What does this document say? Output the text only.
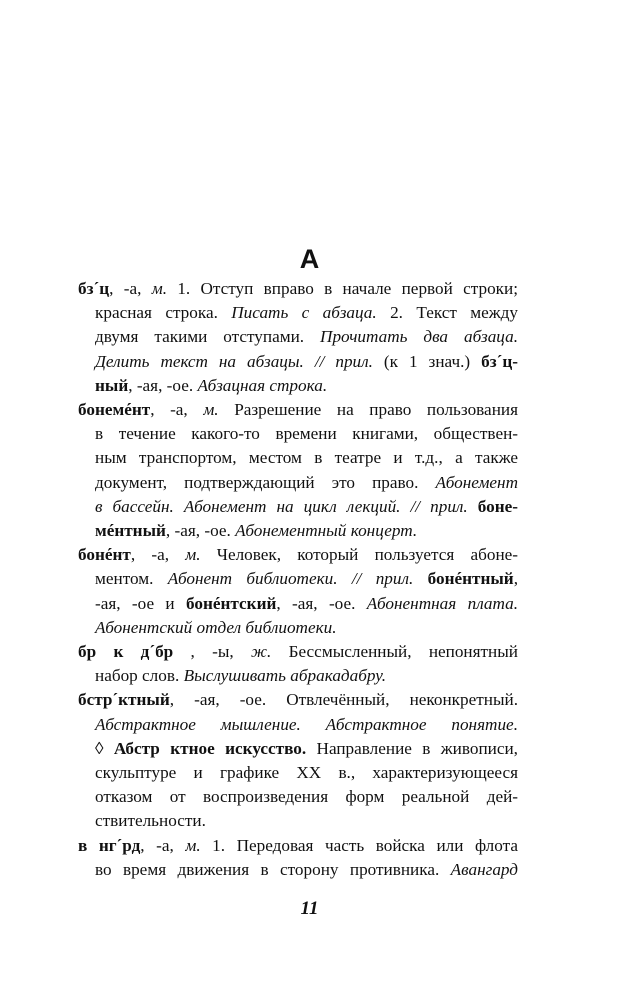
А
бз´ц, -а, м. 1. Отступ вправо в начале первой строки;
красная строка. Писать с абзаца. 2. Текст между
двумя такими отступами. Прочитать два абзаца.
Делить текст на абзацы. // прил. (к 1 знач.) бз´ц-
ный, -ая, -ое. Абзацная строка.
бонемéнт, -а, м. Разрешение на право пользования
в течение какого-то времени книгами, обществен-
ным транспортом, местом в театре и т.д., а также
документ, подтверждающий это право. Абонемент
в бассейн. Абонемент на цикл лекций. // прил. боне-
мéнтный, -ая, -ое. Абонементный концерт.
бонéнт, -а, м. Человек, который пользуется абоне-
ментом. Абонент библиотеки. // прил. бонéнтный,
-ая, -ое и бонéнтский, -ая, -ое. Абонентная плата.
Абонентский отдел библиотеки.
бр к д´бр , -ы, ж. Бессмысленный, непонятный
набор слов. Выслушивать абракадабру.
бстр´ктный, -ая, -ое. Отвлечённый, неконкретный.
Абстрактное мышление. Абстрактное понятие.
◊ Абстр ктное искусство. Направление в живописи,
скульптуре и графике XX в., характеризующееся
отказом от воспроизведения форм реальной дей-
ствительности.
в нг´рд, -а, м. 1. Передовая часть войска или флота
во время движения в сторону противника. Авангард
11
